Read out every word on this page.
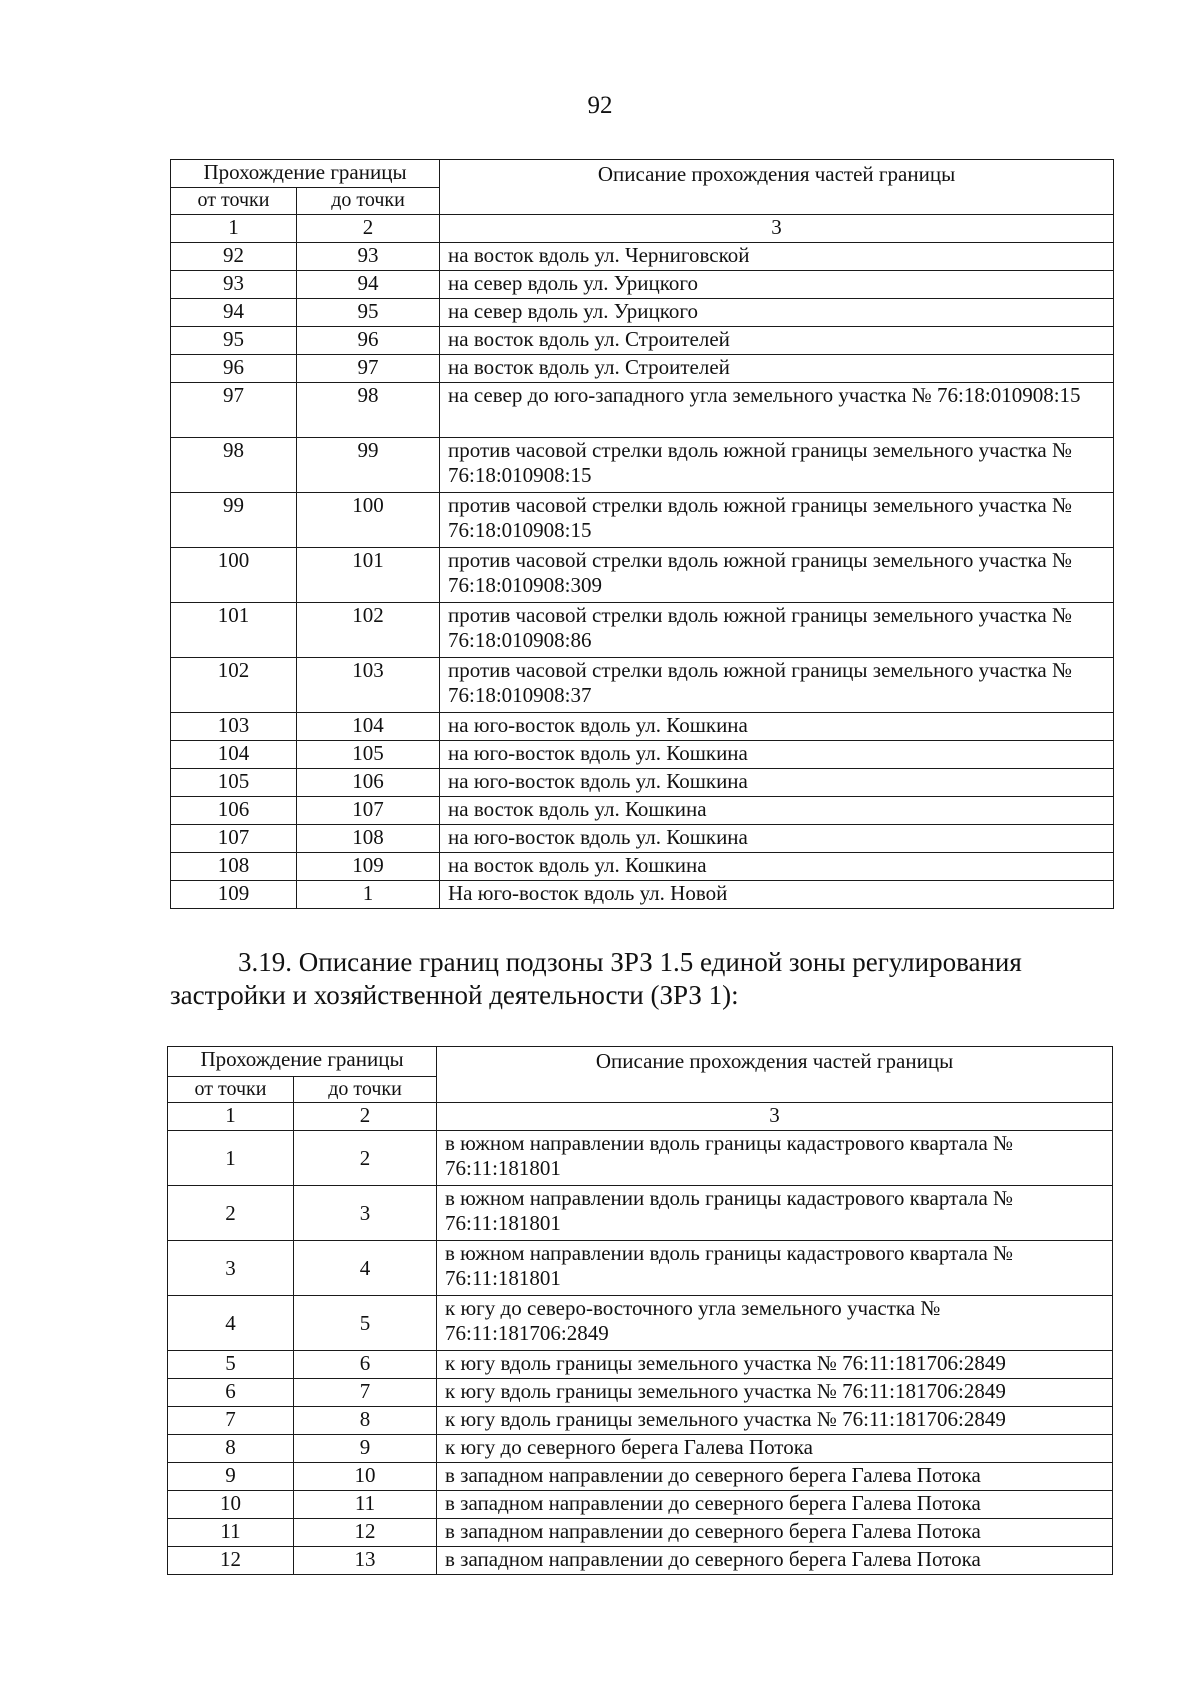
92
Прохождение границы		Описание прохождения частей границы
от точки	до точки	
1	2	3
92	93	на восток вдоль ул. Черниговской
93	94	на север вдоль ул. Урицкого
94	95	на север вдоль ул. Урицкого
95	96	на восток вдоль ул. Строителей
96	97	на восток вдоль ул. Строителей
97	98	на север до юго-западного угла земельного участка № 76:18:010908:15
98	99	против часовой стрелки вдоль южной границы земельного участка № 76:18:010908:15
99	100	против часовой стрелки вдоль южной границы земельного участка № 76:18:010908:15
100	101	против часовой стрелки вдоль южной границы земельного участка № 76:18:010908:309
101	102	против часовой стрелки вдоль южной границы земельного участка № 76:18:010908:86
102	103	против часовой стрелки вдоль южной границы земельного участка № 76:18:010908:37
103	104	на юго-восток вдоль ул. Кошкина
104	105	на юго-восток вдоль ул. Кошкина
105	106	на юго-восток вдоль ул. Кошкина
106	107	на восток вдоль ул. Кошкина
107	108	на юго-восток вдоль ул. Кошкина
108	109	на восток вдоль ул. Кошкина
109	1	На юго-восток вдоль ул. Новой
3.19. Описание границ подзоны ЗРЗ 1.5 единой зоны регулирования
застройки и хозяйственной деятельности (ЗРЗ 1):
Прохождение границы		Описание прохождения частей границы
от точки	до точки	
1	2	3
1	2	в южном направлении вдоль границы кадастрового квартала № 76:11:181801
2	3	в южном направлении вдоль границы кадастрового квартала № 76:11:181801
3	4	в южном направлении вдоль границы кадастрового квартала № 76:11:181801
4	5	к югу до северо-восточного угла земельного участка № 76:11:181706:2849
5	6	к югу вдоль границы земельного участка № 76:11:181706:2849
6	7	к югу вдоль границы земельного участка № 76:11:181706:2849
7	8	к югу вдоль границы земельного участка № 76:11:181706:2849
8	9	к югу до северного берега Галева Потока
9	10	в западном направлении до северного берега Галева Потока
10	11	в западном направлении до северного берега Галева Потока
11	12	в западном направлении до северного берега Галева Потока
12	13	в западном направлении до северного берега Галева Потока
